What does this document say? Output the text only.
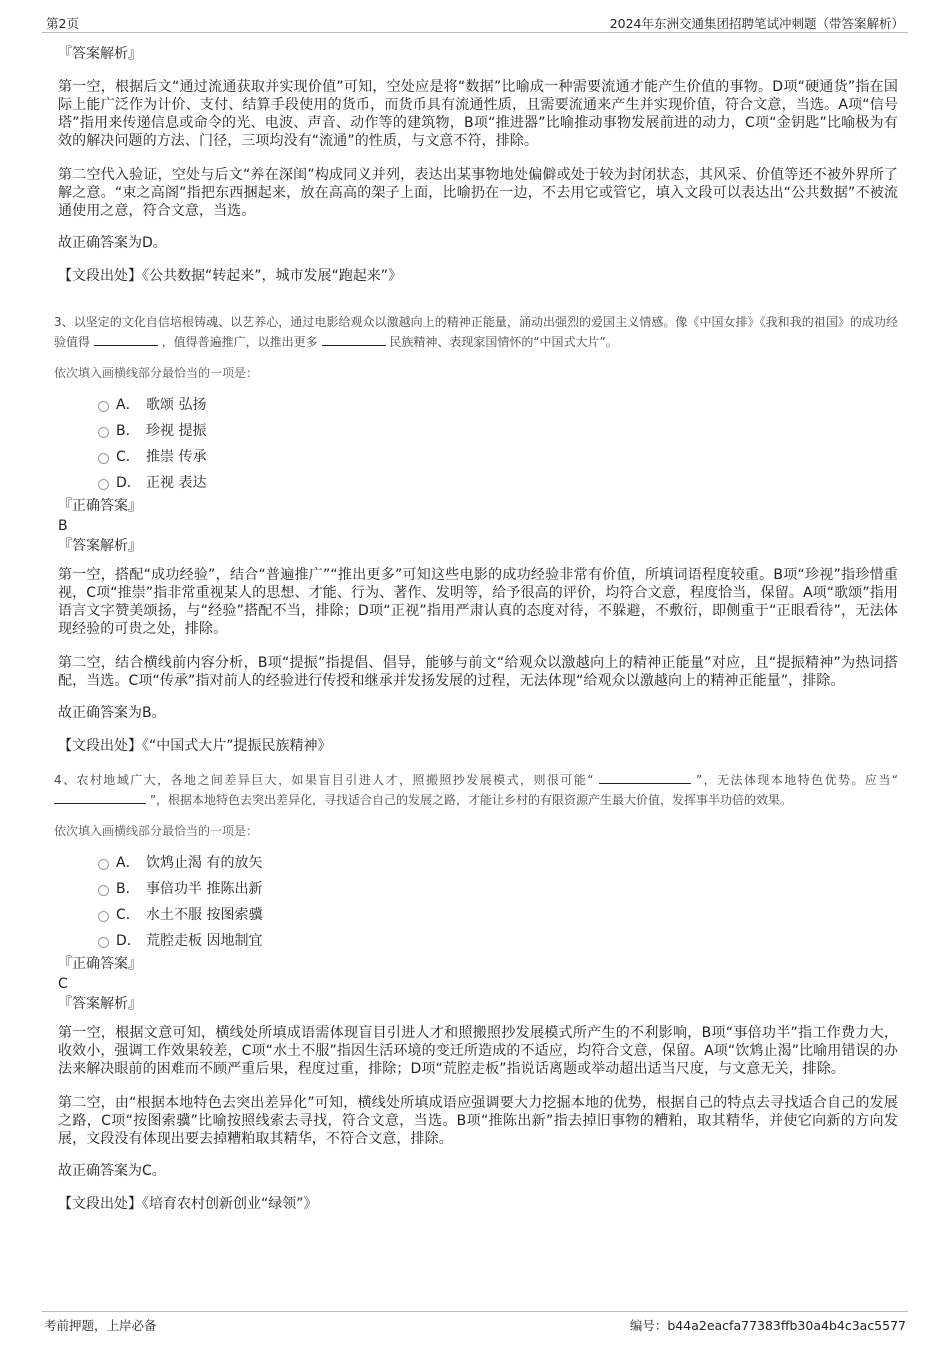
第2页	2024年东洲交通集团招聘笔试冲刺题（带答案解析）

『答案解析』

第一空，根据后文“通过流通获取并实现价值”可知，空处应是将“数据”比喻成一种需要流通才能产生价值的事物。D项“硬通货”指在国际上能广泛作为计价、支付、结算手段使用的货币，而货币具有流通性质，且需要流通来产生并实现价值，符合文意，当选。A项“信号塔”指用来传递信息或命令的光、电波、声音、动作等的建筑物，B项“推进器”比喻推动事物发展前进的动力，C项“金钥匙”比喻极为有效的解决问题的方法、门径，三项均没有“流通”的性质，与文意不符，排除。

第二空代入验证，空处与后文“养在深闺”构成同义并列，表达出某事物地处偏僻或处于较为封闭状态，其风采、价值等还不被外界所了解之意。“束之高阁”指把东西捆起来，放在高高的架子上面，比喻扔在一边，不去用它或管它，填入文段可以表达出“公共数据”不被流通使用之意，符合文意，当选。

故正确答案为D。

【文段出处】《公共数据“转起来”，城市发展“跑起来”》

3、以坚定的文化自信培根铸魂、以艺养心，通过电影给观众以激越向上的精神正能量，涌动出强烈的爱国主义情感。像《中国女排》《我和我的祖国》的成功经验值得	，值得普遍推广，以推出更多	民族精神、表现家国情怀的“中国式大片”。

依次填入画横线部分最恰当的一项是：

A． 歌颂 弘扬
B． 珍视 提振
C． 推崇 传承
D． 正视 表达

『正确答案』

B

『答案解析』

第一空，搭配“成功经验”，结合“普遍推广”“推出更多”可知这些电影的成功经验非常有价值，所填词语程度较重。B项“珍视”指珍惜重视，C项“推崇”指非常重视某人的思想、才能、行为、著作、发明等，给予很高的评价，均符合文意，程度恰当，保留。A项“歌颂”指用语言文字赞美颂扬，与“经验”搭配不当，排除；D项“正视”指用严肃认真的态度对待，不躲避，不敷衍，即侧重于“正眼看待”，无法体现经验的可贵之处，排除。

第二空，结合横线前内容分析，B项“提振”指提倡、倡导，能够与前文“给观众以激越向上的精神正能量”对应，且“提振精神”为热词搭配，当选。C项“传承”指对前人的经验进行传授和继承并发扬发展的过程，无法体现“给观众以激越向上的精神正能量”，排除。

故正确答案为B。

【文段出处】《“中国式大片”提振民族精神》

4、农村地域广大，各地之间差异巨大，如果盲目引进人才，照搬照抄发展模式，则很可能“	”，无法体现本地特色优势。应当“  ”，根据本地特色去突出差异化，寻找适合自己的发展之路，才能让乡村的有限资源产生最大价值，发挥事半功倍的效果。

依次填入画横线部分最恰当的一项是：

A． 饮鸩止渴 有的放矢
B． 事倍功半 推陈出新
C． 水土不服 按图索骥
D． 荒腔走板 因地制宜

『正确答案』

C

『答案解析』

第一空，根据文意可知，横线处所填成语需体现盲目引进人才和照搬照抄发展模式所产生的不利影响，B项“事倍功半”指工作费力大，收效小，强调工作效果较差，C项“水土不服”指因生活环境的变迁所造成的不适应，均符合文意，保留。A项“饮鸩止渴”比喻用错误的办法来解决眼前的困难而不顾严重后果，程度过重，排除；D项“荒腔走板”指说话离题或举动超出适当尺度，与文意无关，排除。

第二空，由“根据本地特色去突出差异化”可知，横线处所填成语应强调要大力挖掘本地的优势，根据自己的特点去寻找适合自己的发展之路，C项“按图索骥”比喻按照线索去寻找，符合文意，当选。B项“推陈出新”指去掉旧事物的糟粕，取其精华，并使它向新的方向发展，文段没有体现出要去掉糟粕取其精华，不符合文意，排除。

故正确答案为C。

【文段出处】《培育农村创新创业“绿领”》

考前押题，上岸必备	编号：b44a2eacfa77383ffb30a4b4c3ac5577
